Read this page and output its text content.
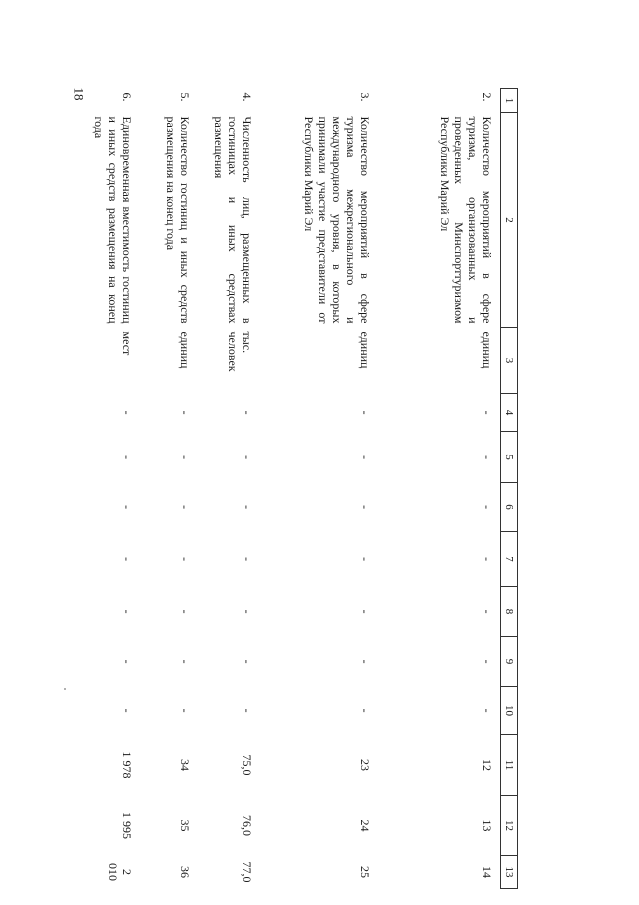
18	1	2	3	4	5	6	7	8	9	10	11	12	13
2.	Количество мероприятий в сфере туризма, организованных и проведенных Минспорттуризмом Республики Марий Эл	единиц	-	-	-	-	-	-	-	12	13	14
3.	Количество мероприятий в сфере туризма межрегионального и международного уровня, в которых принимали участие представители от Республики Марий Эл	единиц	-	-	-	-	-	-	-	23	24	25
4.	Численность лиц, размещенных в гостиницах и иных средствах размещения	тыс. человек	-	-	-	-	-	-	-	75,0	76,0	77,0
5.	Количество гостиниц и иных средств размещения на конец года	единиц	-	-	-	-	-	-	-	34	35	36
6.	Единовременная вместимость гостиниц и иных средств размещения на конец года	мест	-	-	-	-	-	-	-	1 978	1 995	2 010
